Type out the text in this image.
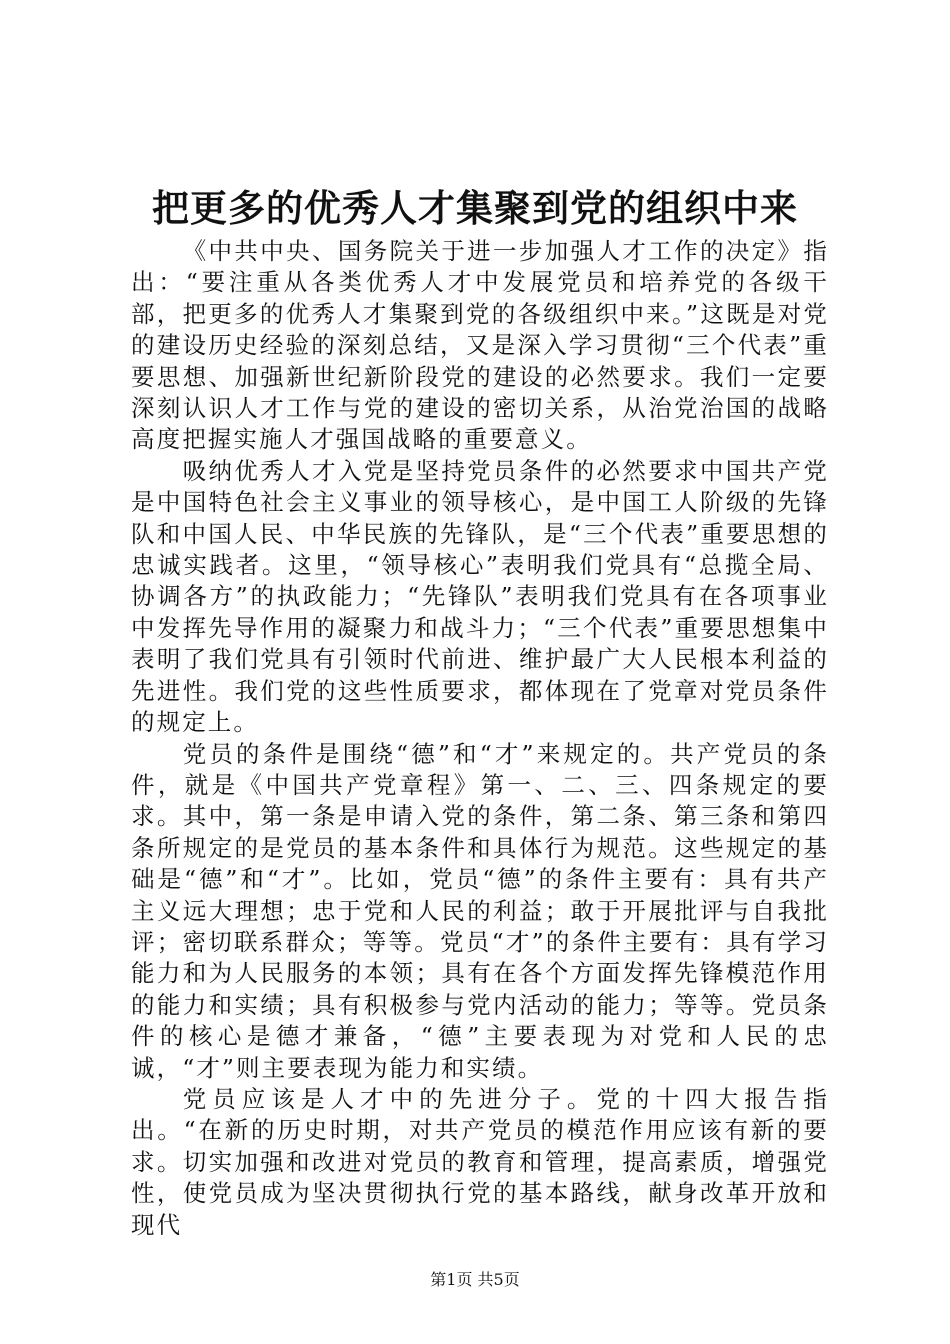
把更多的优秀人才集聚到党的组织中来

《中共中央、国务院关于进一步加强人才工作的决定》指出：“要注重从各类优秀人才中发展党员和培养党的各级干部，把更多的优秀人才集聚到党的各级组织中来。”这既是对党的建设历史经验的深刻总结，又是深入学习贯彻“三个代表”重要思想、加强新世纪新阶段党的建设的必然要求。我们一定要深刻认识人才工作与党的建设的密切关系，从治党治国的战略高度把握实施人才强国战略的重要意义。

吸纳优秀人才入党是坚持党员条件的必然要求中国共产党是中国特色社会主义事业的领导核心，是中国工人阶级的先锋队和中国人民、中华民族的先锋队，是“三个代表”重要思想的忠诚实践者。这里，“领导核心”表明我们党具有“总揽全局、协调各方”的执政能力；“先锋队”表明我们党具有在各项事业中发挥先导作用的凝聚力和战斗力；“三个代表”重要思想集中表明了我们党具有引领时代前进、维护最广大人民根本利益的先进性。我们党的这些性质要求，都体现在了党章对党员条件的规定上。

党员的条件是围绕“德”和“才”来规定的。共产党员的条件，就是《中国共产党章程》第一、二、三、四条规定的要求。其中，第一条是申请入党的条件，第二条、第三条和第四条所规定的是党员的基本条件和具体行为规范。这些规定的基础是“德”和“才”。比如，党员“德”的条件主要有：具有共产主义远大理想；忠于党和人民的利益；敢于开展批评与自我批评；密切联系群众；等等。党员“才”的条件主要有：具有学习能力和为人民服务的本领；具有在各个方面发挥先锋模范作用的能力和实绩；具有积极参与党内活动的能力；等等。党员条件的核心是德才兼备，“德”主要表现为对党和人民的忠诚，“才”则主要表现为能力和实绩。

党员应该是人才中的先进分子。党的十四大报告指出。“在新的历史时期，对共产党员的模范作用应该有新的要求。切实加强和改进对党员的教育和管理，提高素质，增强党性，使党员成为坚决贯彻执行党的基本路线，献身改革开放和现代

第1页 共5页
